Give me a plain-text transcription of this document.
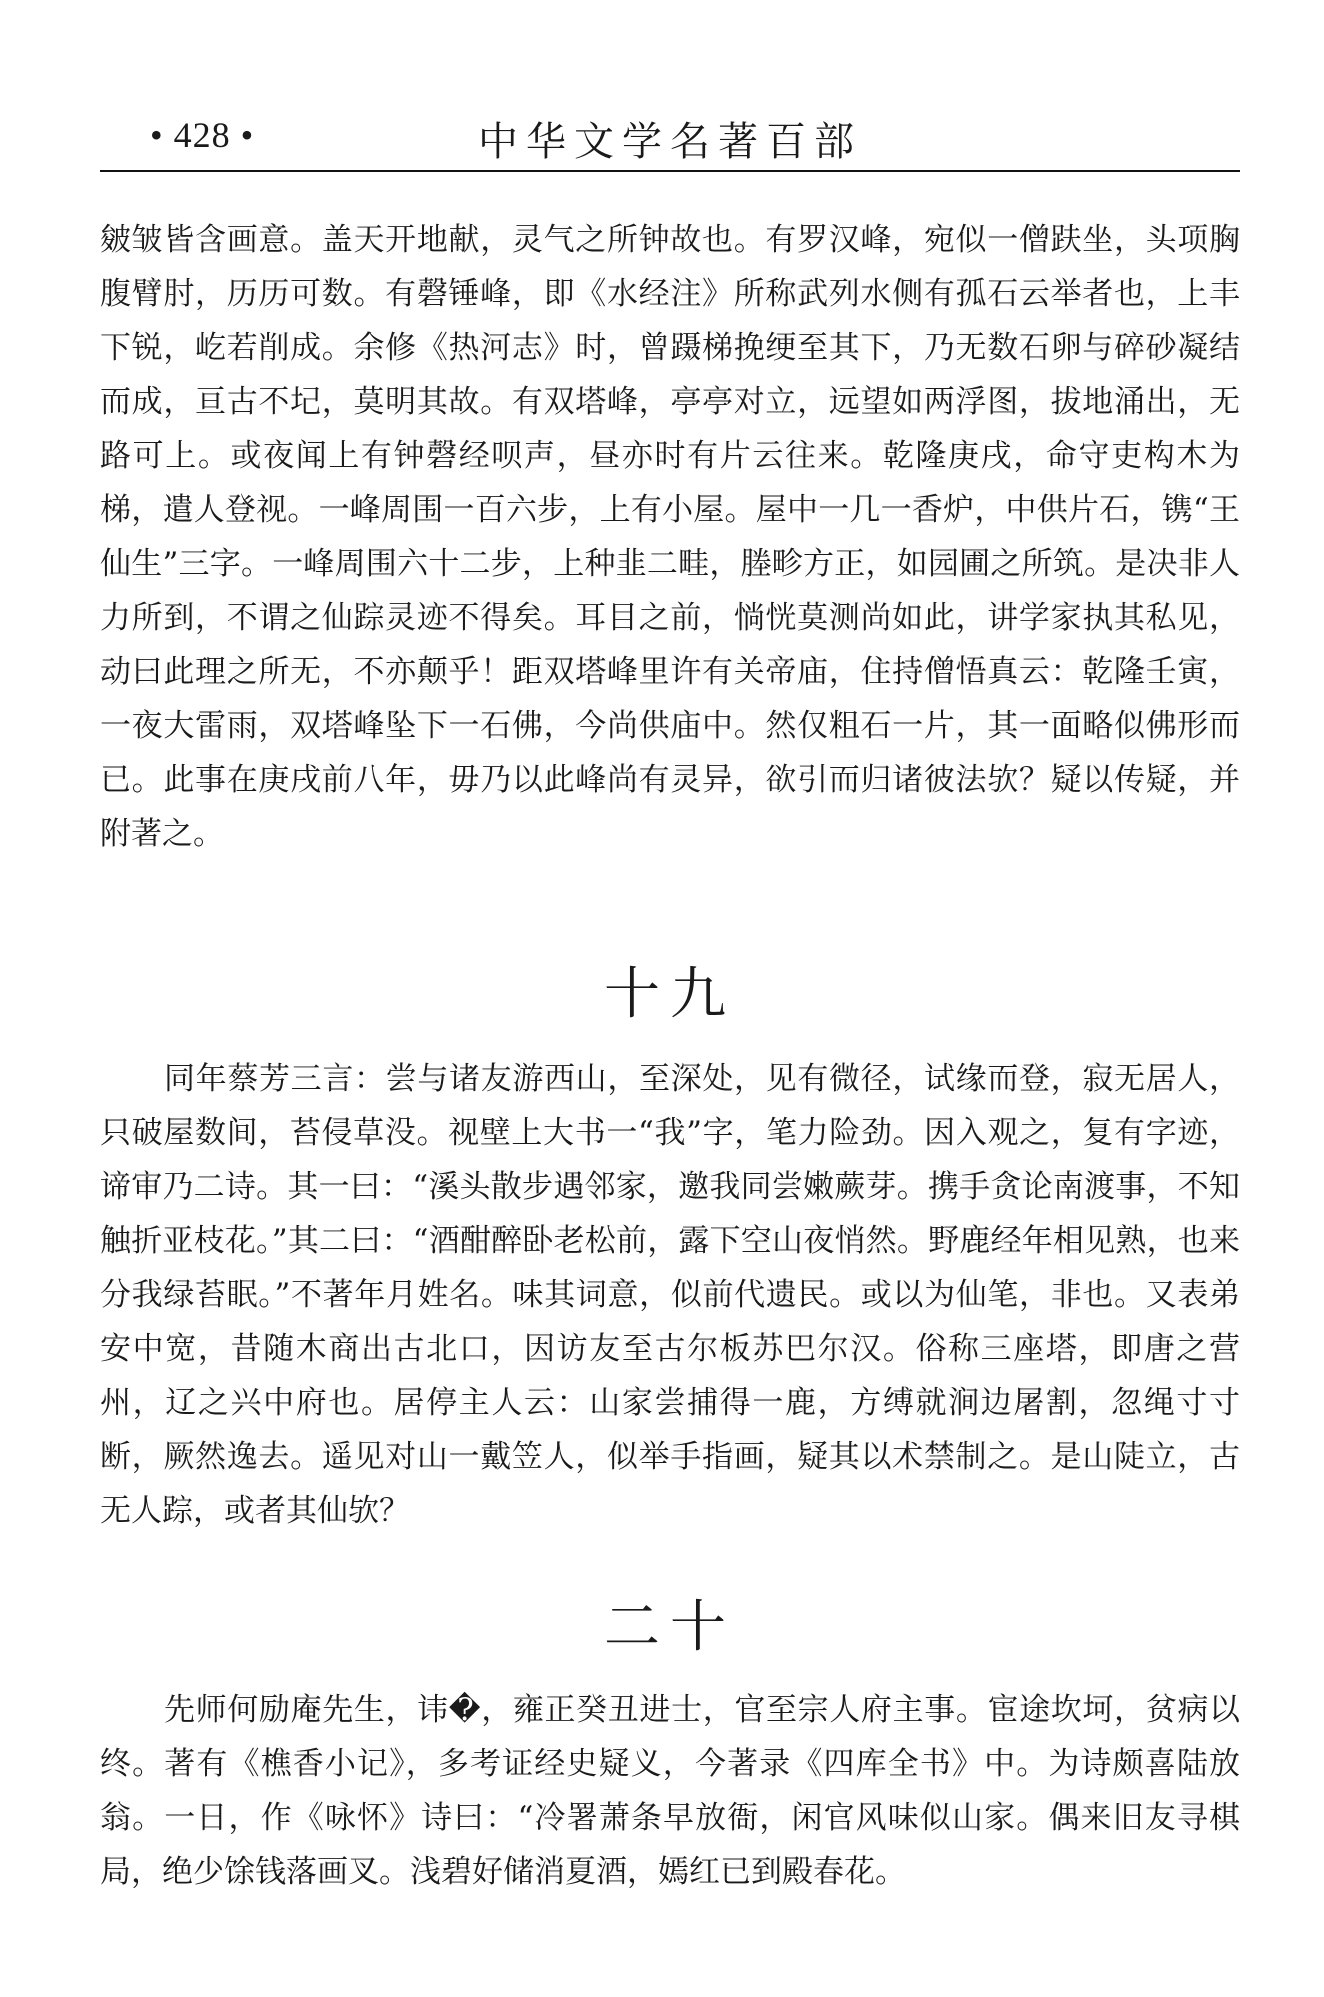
• 428 •	中华文学名著百部

皴皱皆含画意。盖天开地献，灵气之所钟故也。有罗汉峰，宛似一僧趺坐，头项胸腹臂肘，历历可数。有磬锤峰，即《水经注》所称武列水侧有孤石云举者也，上丰下锐，屹若削成。余修《热河志》时，曾蹑梯挽绠至其下，乃无数石卵与碎砂凝结而成，亘古不圮，莫明其故。有双塔峰，亭亭对立，远望如两浮图，拔地涌出，无路可上。或夜闻上有钟磬经呗声，昼亦时有片云往来。乾隆庚戌，命守吏构木为梯，遣人登视。一峰周围一百六步，上有小屋。屋中一几一香炉，中供片石，镌“王仙生”三字。一峰周围六十二步，上种韭二畦，塍畛方正，如园圃之所筑。是决非人力所到，不谓之仙踪灵迹不得矣。耳目之前，惝恍莫测尚如此，讲学家执其私见，动曰此理之所无，不亦颠乎！距双塔峰里许有关帝庙，住持僧悟真云：乾隆壬寅，一夜大雷雨，双塔峰坠下一石佛，今尚供庙中。然仅粗石一片，其一面略似佛形而已。此事在庚戌前八年，毋乃以此峰尚有灵异，欲引而归诸彼法欤？疑以传疑，并附著之。

十九

同年蔡芳三言：尝与诸友游西山，至深处，见有微径，试缘而登，寂无居人，只破屋数间，苔侵草没。视壁上大书一“我”字，笔力险劲。因入观之，复有字迹，谛审乃二诗。其一曰：“溪头散步遇邻家，邀我同尝嫩蕨芽。携手贪论南渡事，不知触折亚枝花。”其二曰：“酒酣醉卧老松前，露下空山夜悄然。野鹿经年相见熟，也来分我绿苔眠。”不著年月姓名。味其词意，似前代遗民。或以为仙笔，非也。又表弟安中宽，昔随木商出古北口，因访友至古尔板苏巴尔汉。俗称三座塔，即唐之营州，辽之兴中府也。居停主人云：山家尝捕得一鹿，方缚就涧边屠割，忽绳寸寸断，厥然逸去。遥见对山一戴笠人，似举手指画，疑其以术禁制之。是山陡立，古无人踪，或者其仙欤？

二十

先师何励庵先生，讳�，雍正癸丑进士，官至宗人府主事。宦途坎坷，贫病以终。著有《樵香小记》，多考证经史疑义，今著录《四库全书》中。为诗颇喜陆放翁。一日，作《咏怀》诗曰：“冷署萧条早放衙，闲官风味似山家。偶来旧友寻棋局，绝少馀钱落画叉。浅碧好储消夏酒，嫣红已到殿春花。
